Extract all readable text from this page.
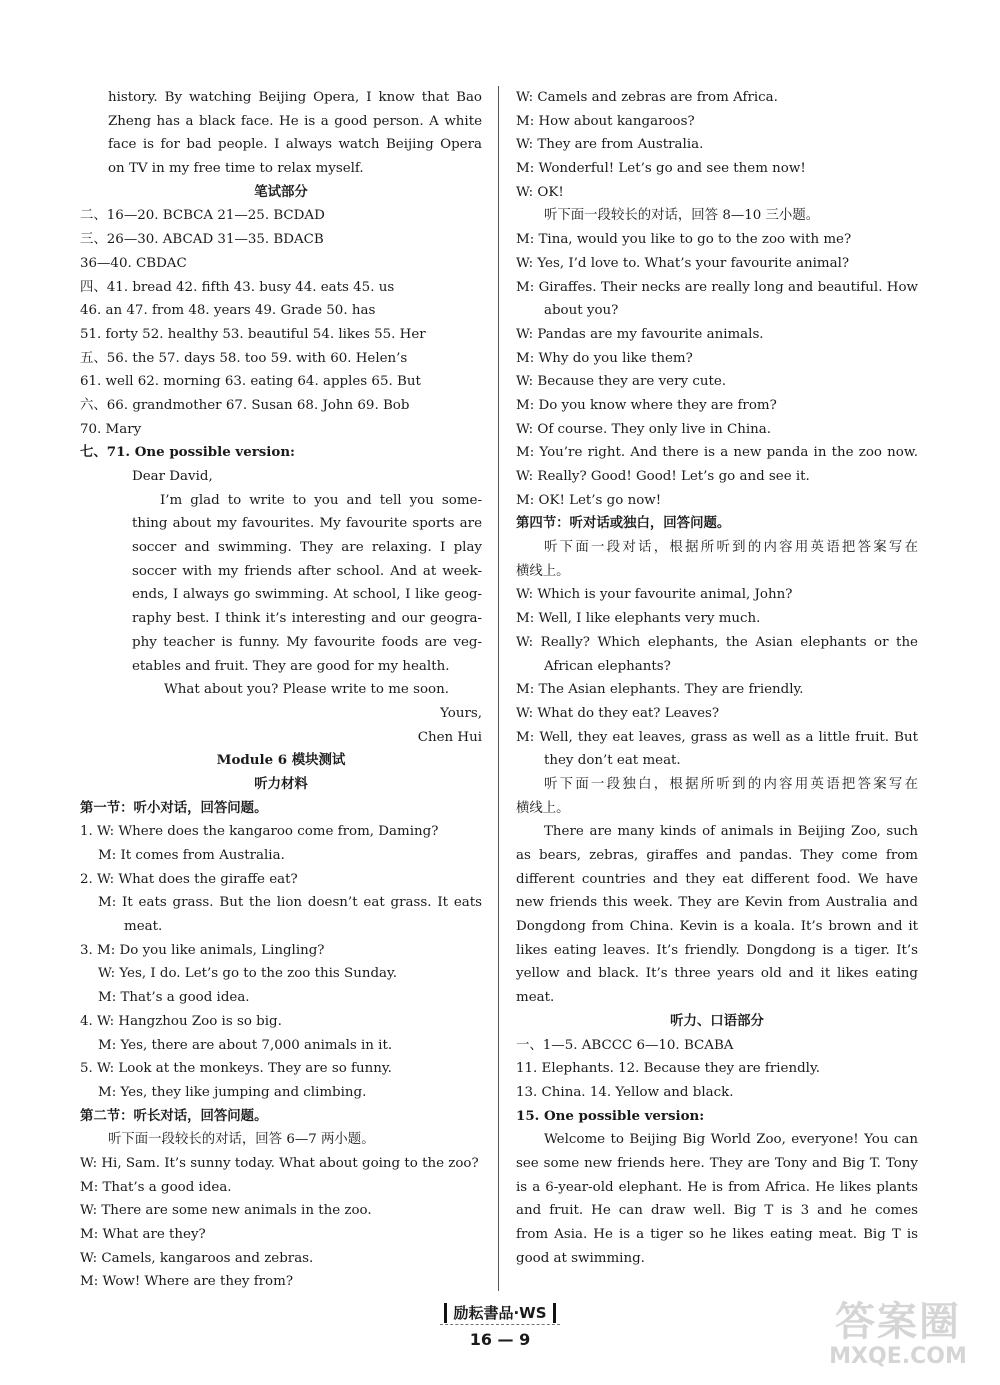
history. By watching Beijing Opera, I know that Bao
Zheng has a black face. He is a good person. A white
face is for bad people. I always watch Beijing Opera
on TV in my free time to relax myself.
笔试部分
二、16—20. BCBCA 21—25. BCDAD
三、26—30. ABCAD 31—35. BDACB
36—40. CBDAC
四、41. bread 42. fifth 43. busy 44. eats 45. us
46. an 47. from 48. years 49. Grade 50. has
51. forty 52. healthy 53. beautiful 54. likes 55. Her
五、56. the 57. days 58. too 59. with 60. Helen’s
61. well 62. morning 63. eating 64. apples 65. But
六、66. grandmother 67. Susan 68. John 69. Bob
70. Mary
七、71. One possible version:
Dear David,
I’m glad to write to you and tell you some-
thing about my favourites. My favourite sports are
soccer and swimming. They are relaxing. I play
soccer with my friends after school. And at week-
ends, I always go swimming. At school, I like geog-
raphy best. I think it’s interesting and our geogra-
phy teacher is funny. My favourite foods are veg-
etables and fruit. They are good for my health.
What about you? Please write to me soon.
Yours,
Chen Hui
Module 6 模块测试
听力材料
第一节：听小对话，回答问题。
1. W: Where does the kangaroo come from, Daming?
M: It comes from Australia.
2. W: What does the giraffe eat?
M: It eats grass. But the lion doesn’t eat grass. It eats
meat.
3. M: Do you like animals, Lingling?
W: Yes, I do. Let’s go to the zoo this Sunday.
M: That’s a good idea.
4. W: Hangzhou Zoo is so big.
M: Yes, there are about 7,000 animals in it.
5. W: Look at the monkeys. They are so funny.
M: Yes, they like jumping and climbing.
第二节：听长对话，回答问题。
听下面一段较长的对话，回答 6—7 两小题。
W: Hi, Sam. It’s sunny today. What about going to the zoo?
M: That’s a good idea.
W: There are some new animals in the zoo.
M: What are they?
W: Camels, kangaroos and zebras.
M: Wow! Where are they from?
W: Camels and zebras are from Africa.
M: How about kangaroos?
W: They are from Australia.
M: Wonderful! Let’s go and see them now!
W: OK!
听下面一段较长的对话，回答 8—10 三小题。
M: Tina, would you like to go to the zoo with me?
W: Yes, I’d love to. What’s your favourite animal?
M: Giraffes. Their necks are really long and beautiful. How
about you?
W: Pandas are my favourite animals.
M: Why do you like them?
W: Because they are very cute.
M: Do you know where they are from?
W: Of course. They only live in China.
M: You’re right. And there is a new panda in the zoo now.
W: Really? Good! Good! Let’s go and see it.
M: OK! Let’s go now!
第四节：听对话或独白，回答问题。
听下面一段对话，根据所听到的内容用英语把答案写在
横线上。
W: Which is your favourite animal, John?
M: Well, I like elephants very much.
W: Really? Which elephants, the Asian elephants or the
African elephants?
M: The Asian elephants. They are friendly.
W: What do they eat? Leaves?
M: Well, they eat leaves, grass as well as a little fruit. But
they don’t eat meat.
听下面一段独白，根据所听到的内容用英语把答案写在
横线上。
There are many kinds of animals in Beijing Zoo, such
as bears, zebras, giraffes and pandas. They come from
different countries and they eat different food. We have
new friends this week. They are Kevin from Australia and
Dongdong from China. Kevin is a koala. It’s brown and it
likes eating leaves. It’s friendly. Dongdong is a tiger. It’s
yellow and black. It’s three years old and it likes eating
meat.
听力、口语部分
一、1—5. ABCCC 6—10. BCABA
11. Elephants. 12. Because they are friendly.
13. China. 14. Yellow and black.
15. One possible version:
Welcome to Beijing Big World Zoo, everyone! You can
see some new friends here. They are Tony and Big T. Tony
is a 6-year-old elephant. He is from Africa. He likes plants
and fruit. He can draw well. Big T is 3 and he comes
from Asia. He is a tiger so he likes eating meat. Big T is
good at swimming.
励耘書品·WS
16 — 9	答案圈
MXQE.COM
